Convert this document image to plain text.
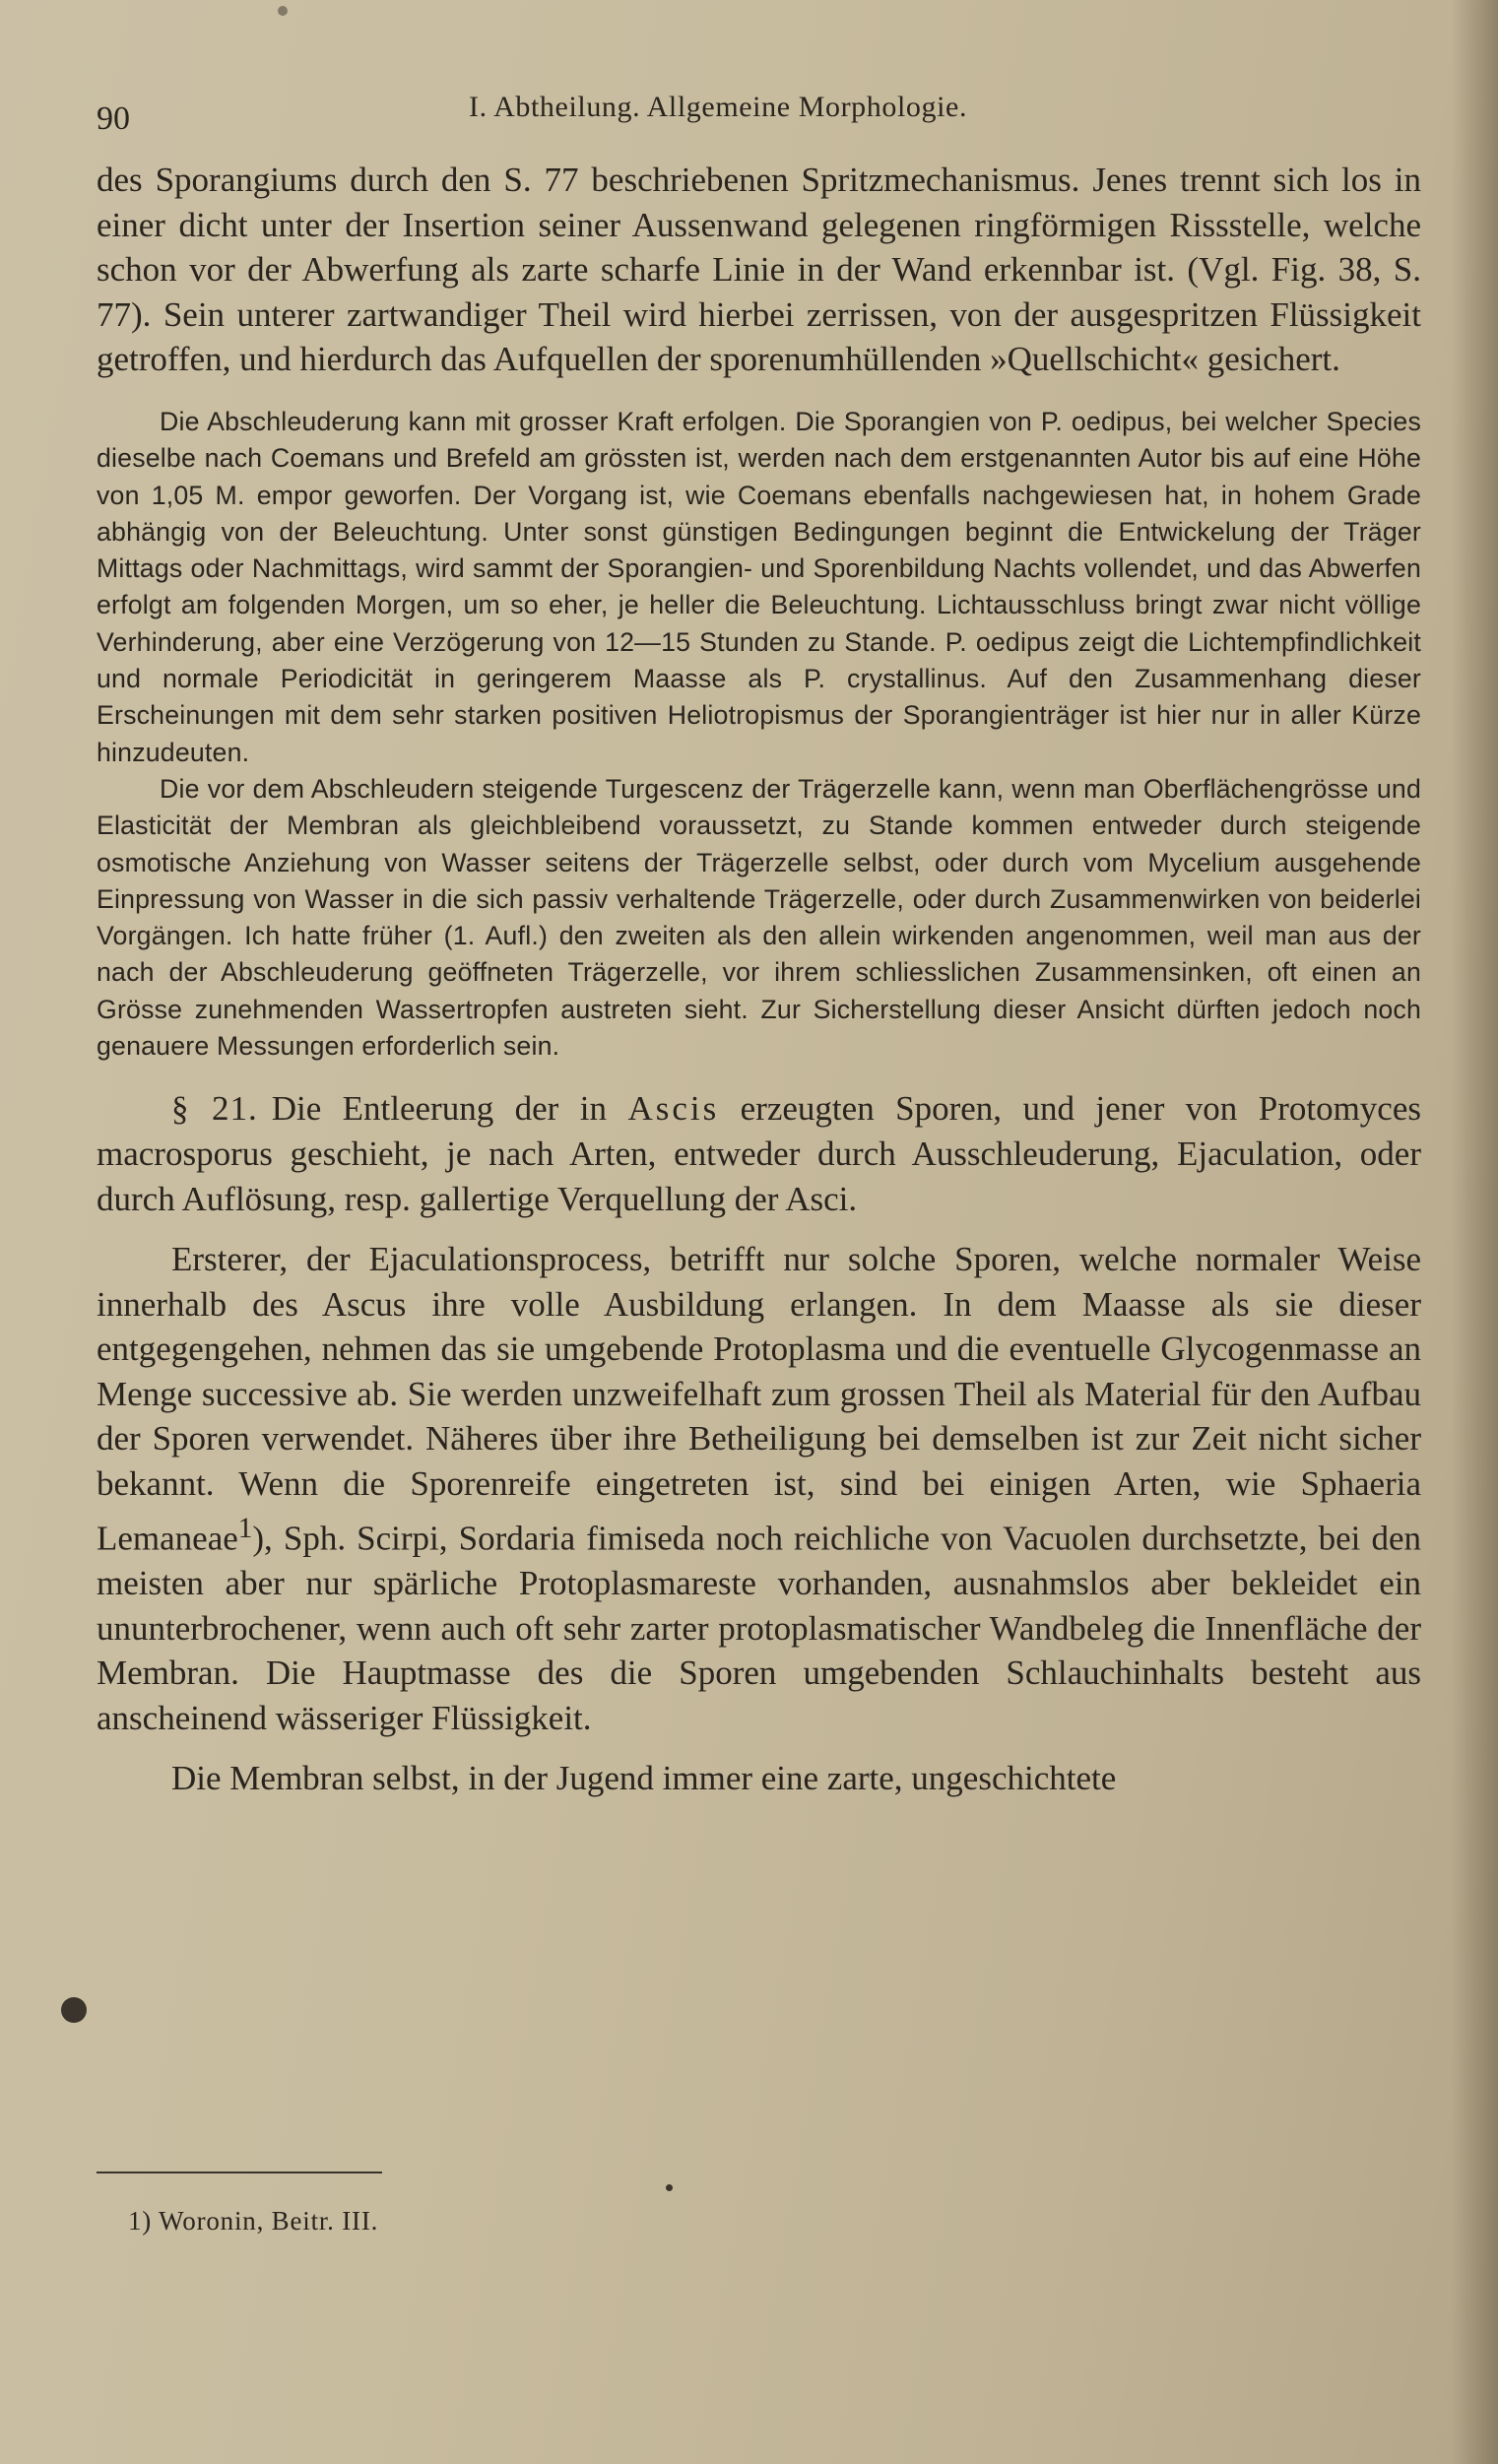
90	I. Abtheilung. Allgemeine Morphologie.

des Sporangiums durch den S. 77 beschriebenen Spritzmechanismus. Jenes trennt sich los in einer dicht unter der Insertion seiner Aussenwand gelegenen ringförmigen Rissstelle, welche schon vor der Abwerfung als zarte scharfe Linie in der Wand erkennbar ist. (Vgl. Fig. 38, S. 77). Sein unterer zartwandiger Theil wird hierbei zerrissen, von der ausgespritzen Flüssigkeit getroffen, und hierdurch das Aufquellen der sporenumhüllenden »Quellschicht« gesichert.

Die Abschleuderung kann mit grosser Kraft erfolgen. Die Sporangien von P. oedipus, bei welcher Species dieselbe nach Coemans und Brefeld am grössten ist, werden nach dem erstgenannten Autor bis auf eine Höhe von 1,05 M. empor geworfen. Der Vorgang ist, wie Coemans ebenfalls nachgewiesen hat, in hohem Grade abhängig von der Beleuchtung. Unter sonst günstigen Bedingungen beginnt die Entwickelung der Träger Mittags oder Nachmittags, wird sammt der Sporangien- und Sporenbildung Nachts vollendet, und das Abwerfen erfolgt am folgenden Morgen, um so eher, je heller die Beleuchtung. Lichtausschluss bringt zwar nicht völlige Verhinderung, aber eine Verzögerung von 12—15 Stunden zu Stande. P. oedipus zeigt die Lichtempfindlichkeit und normale Periodicität in geringerem Maasse als P. crystallinus. Auf den Zusammenhang dieser Erscheinungen mit dem sehr starken positiven Heliotropismus der Sporangienträger ist hier nur in aller Kürze hinzudeuten.

Die vor dem Abschleudern steigende Turgescenz der Trägerzelle kann, wenn man Oberflächengrösse und Elasticität der Membran als gleichbleibend voraussetzt, zu Stande kommen entweder durch steigende osmotische Anziehung von Wasser seitens der Trägerzelle selbst, oder durch vom Mycelium ausgehende Einpressung von Wasser in die sich passiv verhaltende Trägerzelle, oder durch Zusammenwirken von beiderlei Vorgängen. Ich hatte früher (1. Aufl.) den zweiten als den allein wirkenden angenommen, weil man aus der nach der Abschleuderung geöffneten Trägerzelle, vor ihrem schliesslichen Zusammensinken, oft einen an Grösse zunehmenden Wassertropfen austreten sieht. Zur Sicherstellung dieser Ansicht dürften jedoch noch genauere Messungen erforderlich sein.

§ 21. Die Entleerung der in Ascis erzeugten Sporen, und jener von Protomyces macrosporus geschieht, je nach Arten, entweder durch Ausschleuderung, Ejaculation, oder durch Auflösung, resp. gallertige Verquellung der Asci.

Ersterer, der Ejaculationsprocess, betrifft nur solche Sporen, welche normaler Weise innerhalb des Ascus ihre volle Ausbildung erlangen. In dem Maasse als sie dieser entgegengehen, nehmen das sie umgebende Protoplasma und die eventuelle Glycogenmasse an Menge successive ab. Sie werden unzweifelhaft zum grossen Theil als Material für den Aufbau der Sporen verwendet. Näheres über ihre Betheiligung bei demselben ist zur Zeit nicht sicher bekannt. Wenn die Sporenreife eingetreten ist, sind bei einigen Arten, wie Sphaeria Lemaneae$^1$), Sph. Scirpi, Sordaria fimiseda noch reichliche von Vacuolen durchsetzte, bei den meisten aber nur spärliche Protoplasmareste vorhanden, ausnahmslos aber bekleidet ein ununterbrochener, wenn auch oft sehr zarter protoplasmatischer Wandbeleg die Innenfläche der Membran. Die Hauptmasse des die Sporen umgebenden Schlauchinhalts besteht aus anscheinend wässeriger Flüssigkeit.

Die Membran selbst, in der Jugend immer eine zarte, ungeschichtete

1) Woronin, Beitr. III.
